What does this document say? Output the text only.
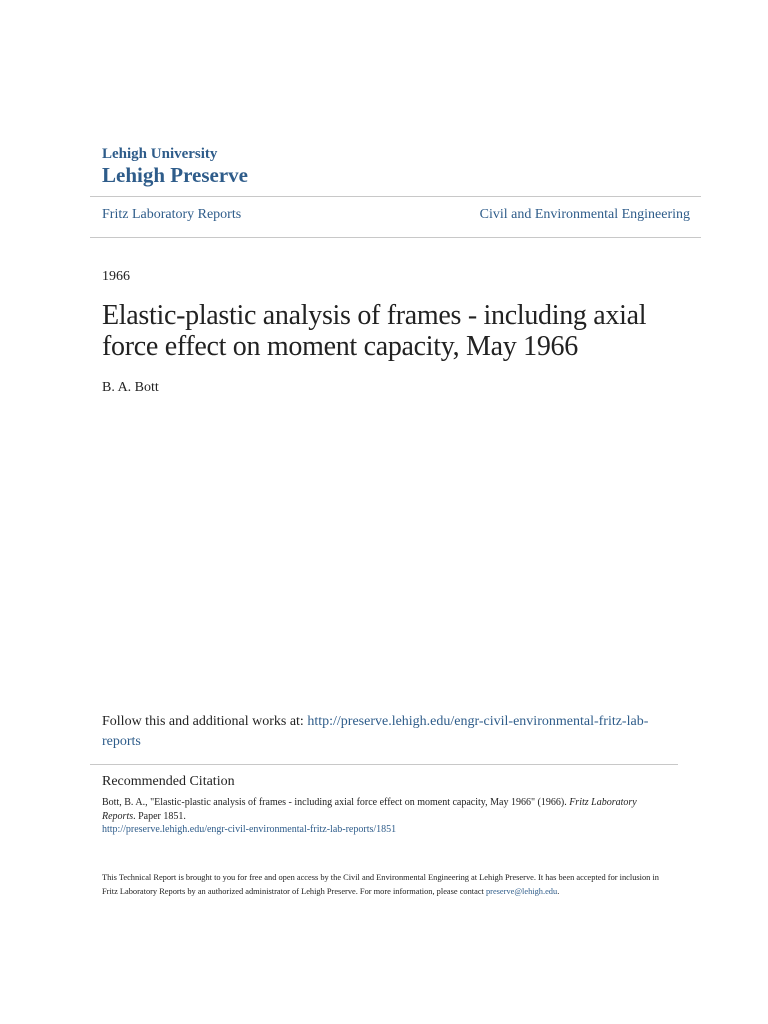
Lehigh University
Lehigh Preserve
Fritz Laboratory Reports	Civil and Environmental Engineering
1966
Elastic-plastic analysis of frames - including axial force effect on moment capacity, May 1966
B. A. Bott
Follow this and additional works at: http://preserve.lehigh.edu/engr-civil-environmental-fritz-lab-reports
Recommended Citation
Bott, B. A., "Elastic-plastic analysis of frames - including axial force effect on moment capacity, May 1966" (1966). Fritz Laboratory Reports. Paper 1851.
http://preserve.lehigh.edu/engr-civil-environmental-fritz-lab-reports/1851
This Technical Report is brought to you for free and open access by the Civil and Environmental Engineering at Lehigh Preserve. It has been accepted for inclusion in Fritz Laboratory Reports by an authorized administrator of Lehigh Preserve. For more information, please contact preserve@lehigh.edu.
